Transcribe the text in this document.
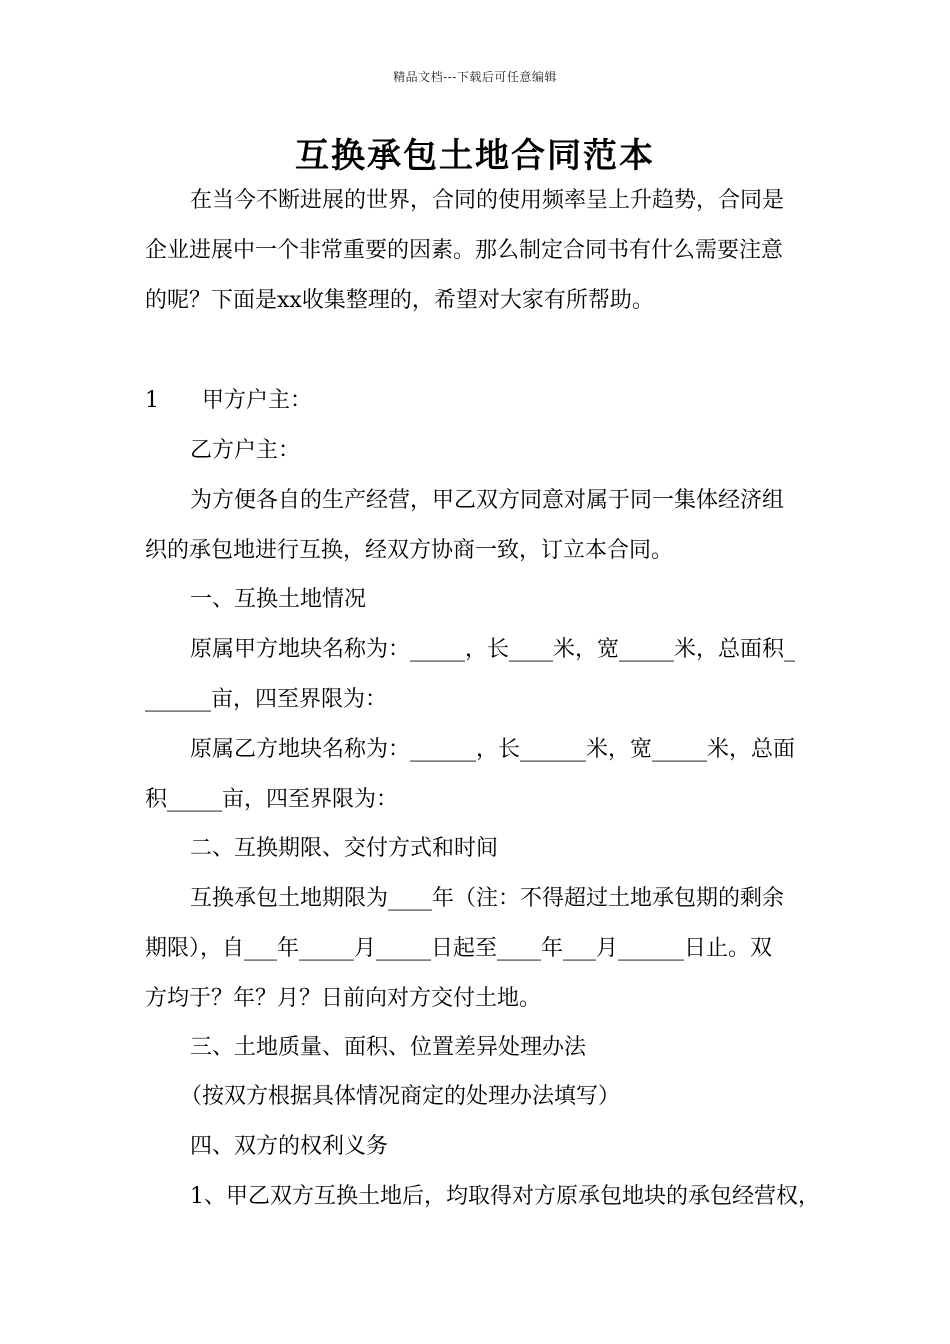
精品文档---下载后可任意编辑
互换承包土地合同范本
在当今不断进展的世界，合同的使用频率呈上升趋势，合同是
企业进展中一个非常重要的因素。那么制定合同书有什么需要注意
的呢？下面是xx收集整理的，希望对大家有所帮助。
1 甲方户主：
乙方户主：
为方便各自的生产经营，甲乙双方同意对属于同一集体经济组
织的承包地进行互换，经双方协商一致，订立本合同。
一、互换土地情况
原属甲方地块名称为：_____，长____米，宽_____米，总面积_
______亩，四至界限为：
原属乙方地块名称为：______，长______米，宽_____米，总面
积_____亩，四至界限为：
二、互换期限、交付方式和时间
互换承包土地期限为____年（注：不得超过土地承包期的剩余
期限），自___年_____月_____日起至____年___月______日止。双
方均于？年？月？日前向对方交付土地。
三、土地质量、面积、位置差异处理办法
（按双方根据具体情况商定的处理办法填写）
四、双方的权利义务
1、甲乙双方互换土地后，均取得对方原承包地块的承包经营权，
